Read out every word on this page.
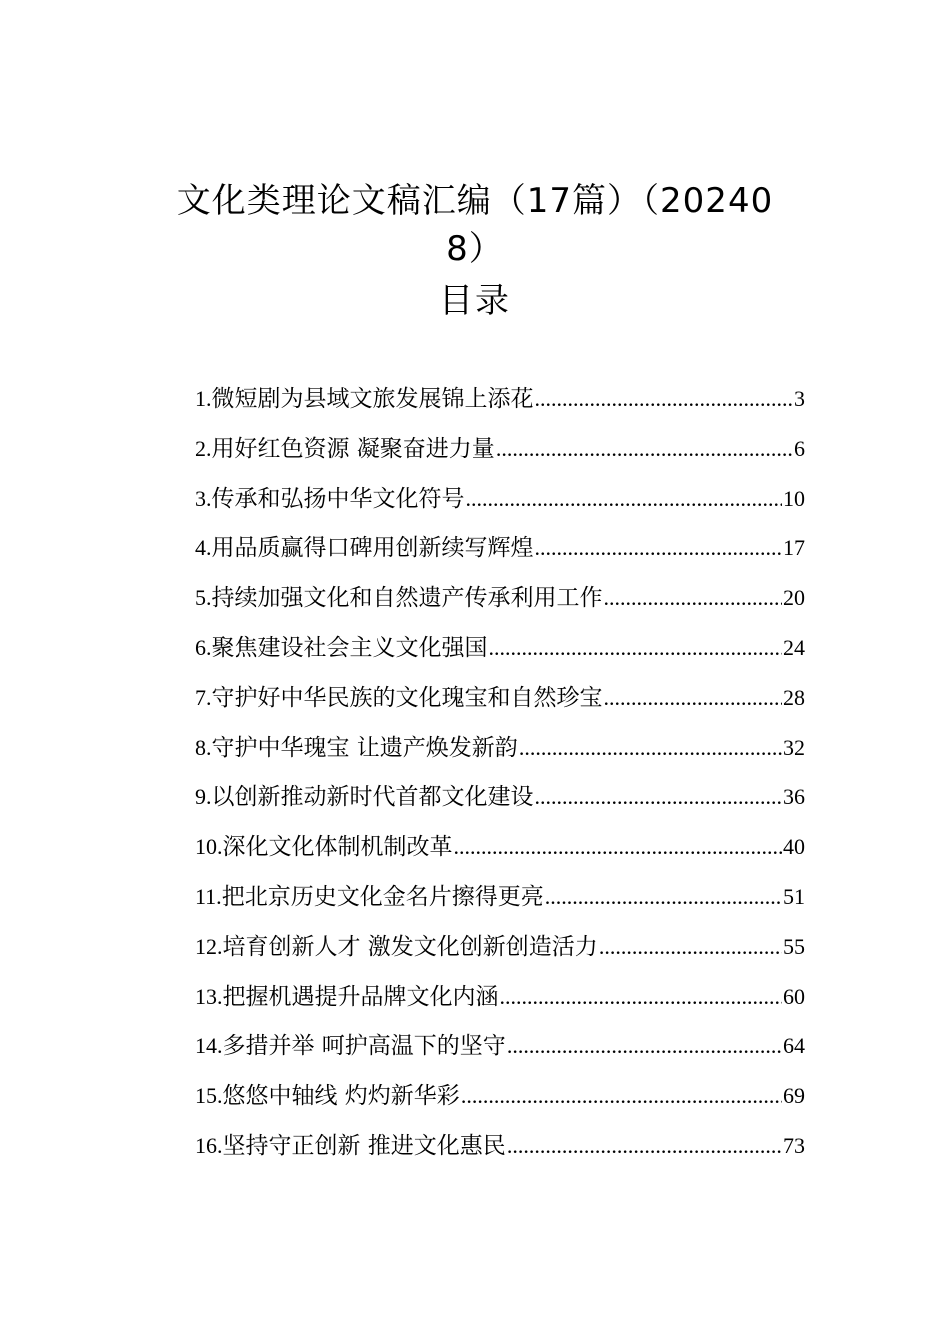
文化类理论文稿汇编（17篇）（20240
8）
目录
1. 微短剧为县域文旅发展锦上添花 .....	3
2. 用好红色资源 凝聚奋进力量 .....	6
3. 传承和弘扬中华文化符号 .....	10
4. 用品质赢得口碑用创新续写辉煌 .....	17
5. 持续加强文化和自然遗产传承利用工作 .....	20
6. 聚焦建设社会主义文化强国 .....	24
7. 守护好中华民族的文化瑰宝和自然珍宝 .....	28
8. 守护中华瑰宝 让遗产焕发新韵 .....	32
9. 以创新推动新时代首都文化建设 .....	36
10. 深化文化体制机制改革 .....	40
11. 把北京历史文化金名片擦得更亮 .....	51
12. 培育创新人才 激发文化创新创造活力 .....	55
13. 把握机遇提升品牌文化内涵 .....	60
14. 多措并举 呵护高温下的坚守 .....	64
15. 悠悠中轴线 灼灼新华彩 .....	69
16. 坚持守正创新 推进文化惠民 .....	73
